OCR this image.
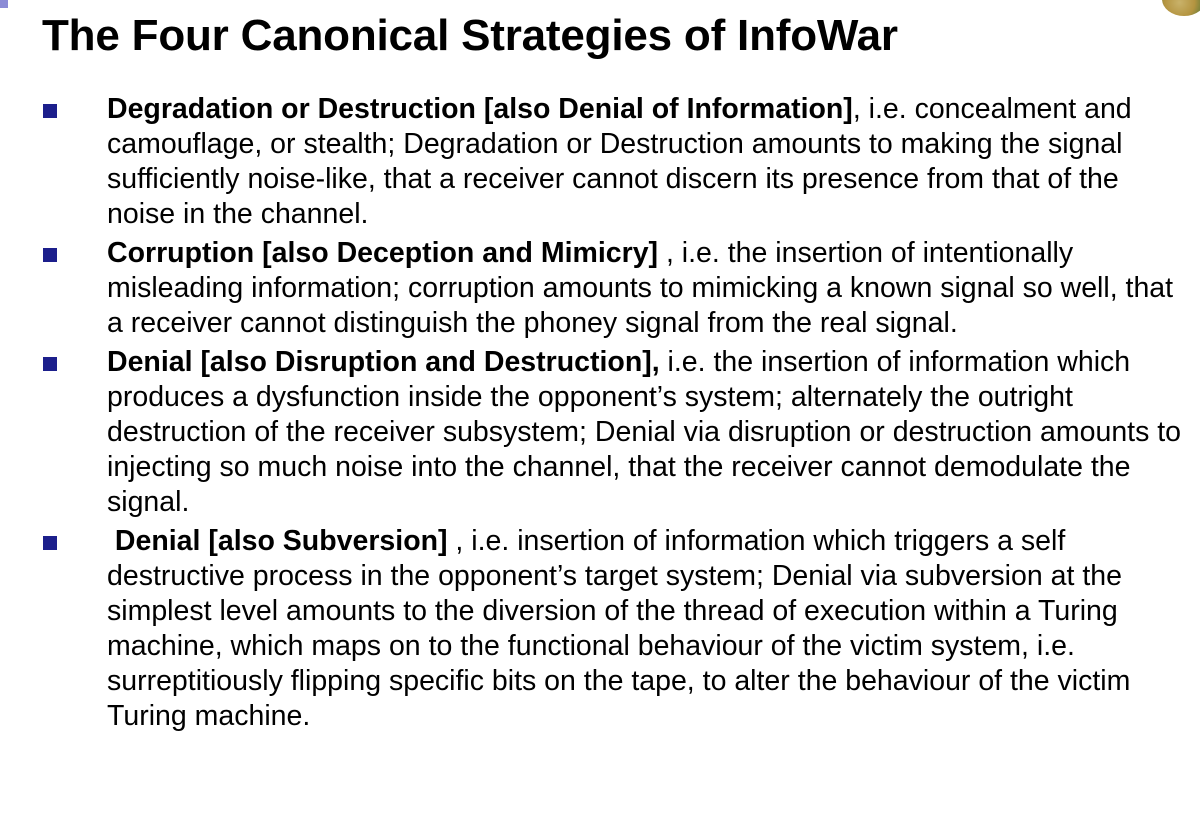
The Four Canonical Strategies of InfoWar
Degradation or Destruction [also Denial of Information], i.e. concealment and camouflage, or stealth; Degradation or Destruction amounts to making the signal sufficiently noise-like, that a receiver cannot discern its presence from that of the noise in the channel.
Corruption [also Deception and Mimicry] , i.e. the insertion of intentionally misleading information; corruption amounts to mimicking a known signal so well, that a receiver cannot distinguish the phoney signal from the real signal.
Denial [also Disruption and Destruction], i.e. the insertion of information which produces a dysfunction inside the opponent’s system; alternately the outright destruction of the receiver subsystem; Denial via disruption or destruction amounts to injecting so much noise into the channel, that the receiver cannot demodulate the signal.
Denial [also Subversion] , i.e. insertion of information which triggers a self destructive process in the opponent’s target system; Denial via subversion at the simplest level amounts to the diversion of the thread of execution within a Turing machine, which maps on to the functional behaviour of the victim system, i.e. surreptitiously flipping specific bits on the tape, to alter the behaviour of the victim Turing machine.
